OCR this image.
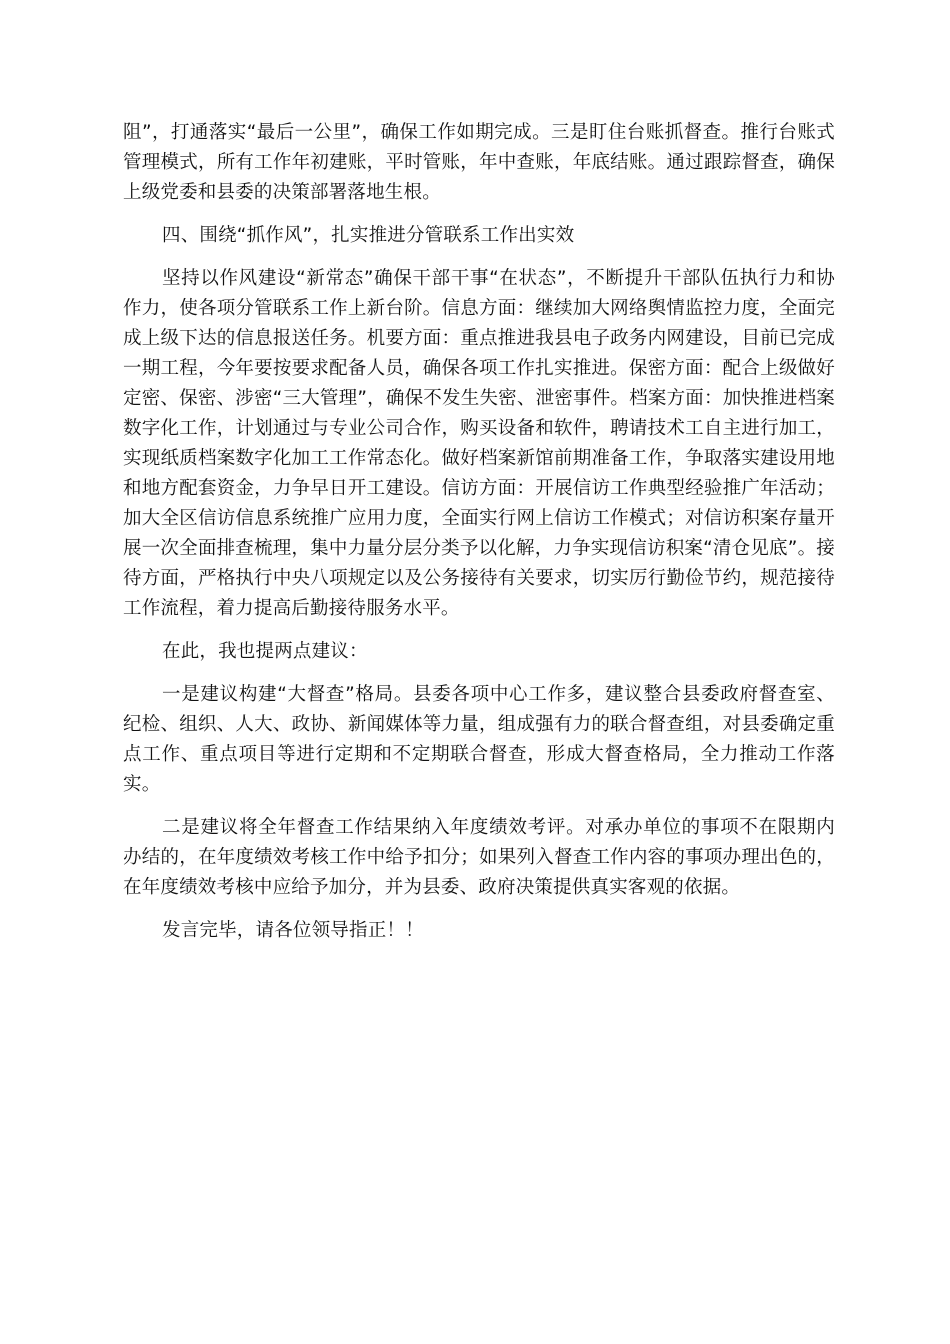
阻”，打通落实“最后一公里”，确保工作如期完成。三是盯住台账抓督查。推行台账式管理模式，所有工作年初建账，平时管账，年中查账，年底结账。通过跟踪督查，确保上级党委和县委的决策部署落地生根。

四、围绕“抓作风”，扎实推进分管联系工作出实效

坚持以作风建设“新常态”确保干部干事“在状态”，不断提升干部队伍执行力和协作力，使各项分管联系工作上新台阶。信息方面：继续加大网络舆情监控力度，全面完成上级下达的信息报送任务。机要方面：重点推进我县电子政务内网建设，目前已完成一期工程，今年要按要求配备人员，确保各项工作扎实推进。保密方面：配合上级做好定密、保密、涉密“三大管理”，确保不发生失密、泄密事件。档案方面：加快推进档案数字化工作，计划通过与专业公司合作，购买设备和软件，聘请技术工自主进行加工，实现纸质档案数字化加工工作常态化。做好档案新馆前期准备工作，争取落实建设用地和地方配套资金，力争早日开工建设。信访方面：开展信访工作典型经验推广年活动；加大全区信访信息系统推广应用力度，全面实行网上信访工作模式；对信访积案存量开展一次全面排查梳理，集中力量分层分类予以化解，力争实现信访积案“清仓见底”。接待方面，严格执行中央八项规定以及公务接待有关要求，切实厉行勤俭节约，规范接待工作流程，着力提高后勤接待服务水平。

在此，我也提两点建议：

一是建议构建“大督查”格局。县委各项中心工作多，建议整合县委政府督查室、纪检、组织、人大、政协、新闻媒体等力量，组成强有力的联合督查组，对县委确定重点工作、重点项目等进行定期和不定期联合督查，形成大督查格局，全力推动工作落实。

二是建议将全年督查工作结果纳入年度绩效考评。对承办单位的事项不在限期内办结的，在年度绩效考核工作中给予扣分；如果列入督查工作内容的事项办理出色的，在年度绩效考核中应给予加分，并为县委、政府决策提供真实客观的依据。

发言完毕，请各位领导指正！！
